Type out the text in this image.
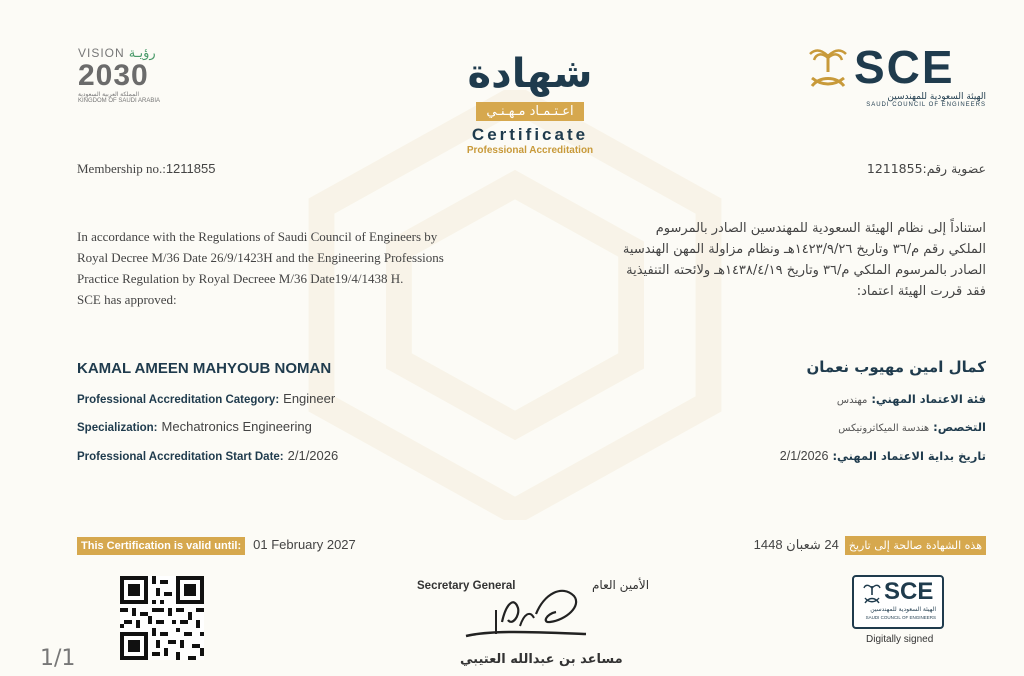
VISION رؤيـة
2030
المملكة العربية السعودية
KINGDOM OF SAUDI ARABIA
شهادة
اعـتـمـاد مـهـنـي
Certificate
Professional Accreditation
SCE
الهيئة السعودية للمهندسين
SAUDI COUNCIL OF ENGINEERS
Membership no.:1211855	عضوية رقم:1211855
In accordance with the Regulations of Saudi Council of Engineers by
Royal Decree M/36 Date 26/9/1423H and the Engineering Professions
Practice Regulation by Royal Decreee M/36 Date19/4/1438 H.
SCE has approved:
استناداً إلى نظام الهيئة السعودية للمهندسين الصادر بالمرسوم
الملكي رقم م/٣٦ وتاريخ ١٤٢٣/٩/٢٦هـ ونظام مزاولة المهن الهندسية
الصادر بالمرسوم الملكي م/٣٦ وتاريخ ١٤٣٨/٤/١٩هـ ولائحته التنفيذية
فقد قررت الهيئة اعتماد:
KAMAL AMEEN MAHYOUB NOMAN	كمال امين مهيوب نعمان
Professional Accreditation Category: Engineer	فئة الاعتماد المهني: مهندس
Specialization: Mechatronics Engineering	التخصص: هندسة الميكاترونيكس
Professional Accreditation Start Date: 2/1/2026	تاريخ بداية الاعتماد المهني: 2/1/2026
This Certification is valid until: 01 February 2027	هذه الشهادة صالحة إلى تاريخ 24 شعبان 1448
Secretary General	الأمين العام
مساعد بن عبدالله العتيبي
SCE
الهيئة السعودية للمهندسين
SAUDI COUNCIL OF ENGINEERS
Digitally signed
1/1
